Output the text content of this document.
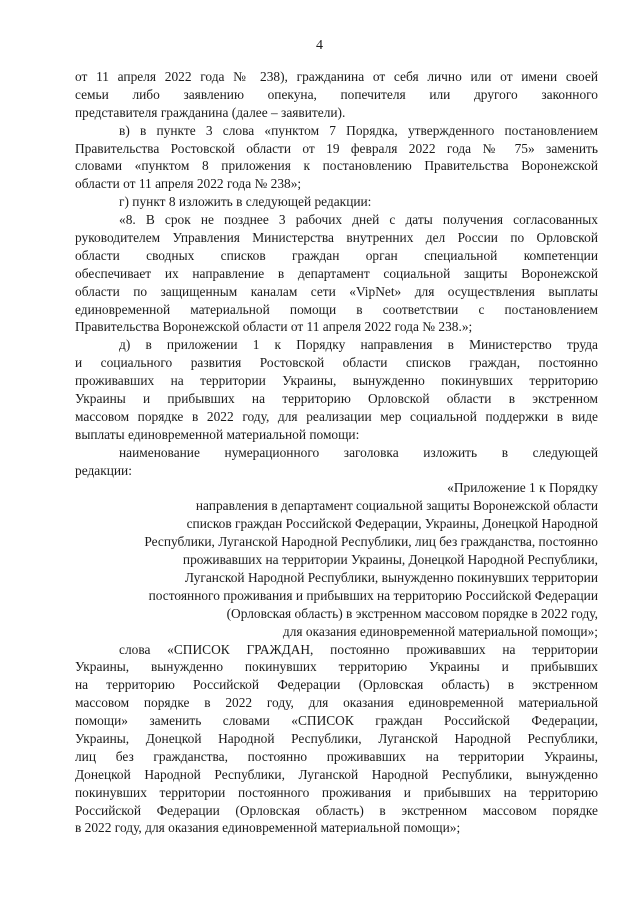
4
от 11 апреля 2022 года № 238), гражданина от себя лично или от имени своей
семьи либо заявлению опекуна, попечителя или другого законного
представителя гражданина (далее – заявители).
в) в пункте 3 слова «пунктом 7 Порядка, утвержденного постановлением
Правительства Ростовской области от 19 февраля 2022 года № 75» заменить
словами «пунктом 8 приложения к постановлению Правительства Воронежской
области от 11 апреля 2022 года № 238»;
г) пункт 8 изложить в следующей редакции:
«8. В срок не позднее 3 рабочих дней с даты получения согласованных
руководителем Управления Министерства внутренних дел России по Орловской
области сводных списков граждан орган специальной компетенции
обеспечивает их направление в департамент социальной защиты Воронежской
области по защищенным каналам сети «VipNet» для осуществления выплаты
единовременной материальной помощи в соответствии с постановлением
Правительства Воронежской области от 11 апреля 2022 года № 238.»;
д) в приложении 1 к Порядку направления в Министерство труда
и социального развития Ростовской области списков граждан, постоянно
проживавших на территории Украины, вынужденно покинувших территорию
Украины и прибывших на территорию Орловской области в экстренном
массовом порядке в 2022 году, для реализации мер социальной поддержки в виде
выплаты единовременной материальной помощи:
наименование нумерационного заголовка изложить в следующей
редакции:
«Приложение 1 к Порядку
направления в департамент социальной защиты Воронежской области
списков граждан Российской Федерации, Украины, Донецкой Народной
Республики, Луганской Народной Республики, лиц без гражданства, постоянно
проживавших на территории Украины, Донецкой Народной Республики,
Луганской Народной Республики, вынужденно покинувших территории
постоянного проживания и прибывших на территорию Российской Федерации
(Орловская область) в экстренном массовом порядке в 2022 году,
для оказания единовременной материальной помощи»;
слова «СПИСОК ГРАЖДАН, постоянно проживавших на территории
Украины, вынужденно покинувших территорию Украины и прибывших
на территорию Российской Федерации (Орловская область) в экстренном
массовом порядке в 2022 году, для оказания единовременной материальной
помощи» заменить словами «СПИСОК граждан Российской Федерации,
Украины, Донецкой Народной Республики, Луганской Народной Республики,
лиц без гражданства, постоянно проживавших на территории Украины,
Донецкой Народной Республики, Луганской Народной Республики, вынужденно
покинувших территории постоянного проживания и прибывших на территорию
Российской Федерации (Орловская область) в экстренном массовом порядке
в 2022 году, для оказания единовременной материальной помощи»;
